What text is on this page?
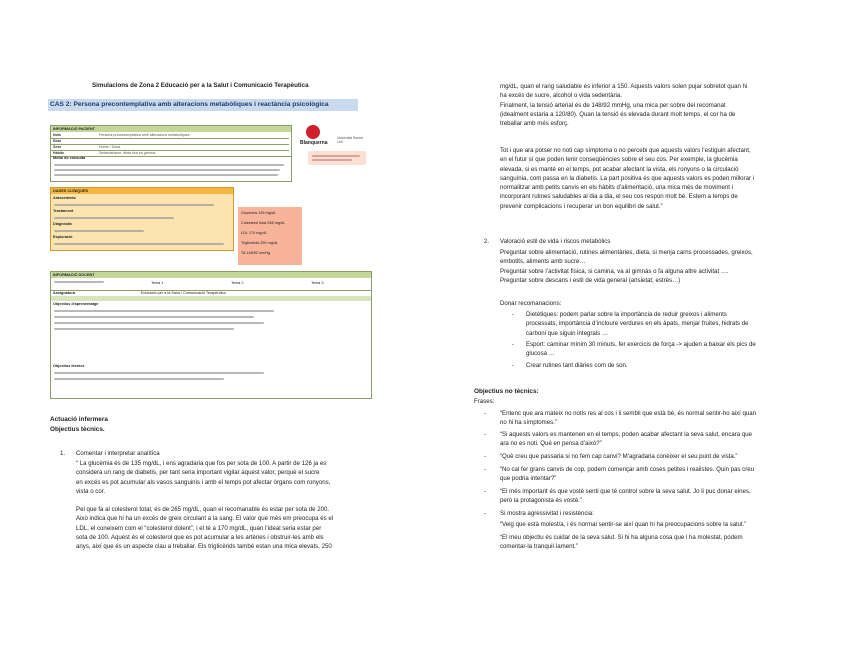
Simulacions de Zona 2 Educació per a la Salut i Comunicació Terapèutica
CAS 2: Persona precontemplativa amb alteracions metabòliques i reactància psicològica
INFORMACIÓ PACIENT
Nom	Persona precontemplativa amb alteracions metabòliques
Edat
Sexe	Home / Dona
Hàbits	Sedentarisme, dieta rica en greixos
Motiu de consulta
Blanquerna
Universitat Ramon Llull
DADES CLÍNIQUES
Antecedents
Tractament
Diagnòstic
Exploració
Glucèmia 135 mg/dL
Colesterol total 265 mg/dL
LDL 170 mg/dL
Triglicèrids 250 mg/dL
TA 148/92 mmHg
INFORMACIÓ DOCENT
Tema 1	Tema 2	Tema 3
Assignatura	Educació per a la Salut i Comunicació Terapèutica
Objectius d'aprenentatge
Objectius tècnics
Actuació infermera
Objectius tècnics.
1. Comentar i interpretar analítica

“ La glucèmia és de 135 mg/dL, i ens agradaria que fos per sota de 100. A partir de 126 ja es

considera un rang de diabetis, per tant seria important vigilar aquest valor, perquè el sucre

en excés es pot acumular als vasos sanguinis i amb el temps pot afectar òrgans com ronyons,

vista o cor.

Pel que fa al colesterol total, és de 265 mg/dL, quan el recomanable és estar per sota de 200.

Això indica que hi ha un excés de greix circulant a la sang. El valor que més em preocupa és el

LDL, el coneixem com el “colesterol dolent”, i el té a 170 mg/dL, quan l’ideal seria estar per

sota de 100. Aquest és el colesterol que es pot acumular a les artèries i obstruir-les amb els

anys, així que és un aspecte clau a treballar. Els triglicèrids també estan una mica elevats, 250

mg/dL, quan el rang saludable és inferior a 150. Aquests valors solen pujar sobretot quan hi

ha excés de sucre, alcohol o vida sedentària.

Finalment, la tensió arterial és de 148/92 mmHg, una mica per sobre del recomanat

(idealment estaria a 120/80). Quan la tensió és elevada durant molt temps, el cor ha de

treballar amb més esforç.

Tot i que ara potser no noti cap símptoma o no percebi que aquests valors l’estiguin afectant,

en el futur sí que poden tenir conseqüències sobre el seu cos. Per exemple, la glucèmia

elevada, si es manté en el temps, pot acabar afectant la vista, els ronyons o la circulació

sanguínia, com passa en la diabetis. La part positiva és que aquests valors es poden millorar i

normalitzar amb petits canvis en els hàbits d’alimentació, una mica més de moviment i

incorporant rutines saludables al dia a dia, el seu cos respon molt bé. Estem a temps de

prevenir complicacions i recuperar un bon equilibri de salut.”

2. Valoració estil de vida i riscos metabòlics

Preguntar sobre alimentació, rutines alimentàries, dieta, si menja carns processades, greixos,

embotits, aliments amb sucre…

Preguntar sobre l’activitat física, si camina, va al gimnàs o fa alguna altre activitat ….

Preguntar sobre descans i estil de vida general (ansietat, estrès…)

Donar recomanacions:
- Dietètiques: podem parlar sobre la importància de reduir greixos i aliments

processats, importància d’incloure verdures en els àpats, menjar fruites, hidrats de

carboni que siguin integrals …

- Esport: caminar mínim 30 minuts, fer exercicis de força -> ajuden a baixar els pics de

glucosa …

- Crear rutines tant diàries com de son.

Objectius no tècnics:
Frases:
- “Entenc que ara mateix no notis res al cos i li sembli que està bé, és normal sentir-ho així quan

no hi ha símptomes.”

- “Si aquests valors es mantenen en el temps, poden acabar afectant la seva salut, encara que

ara no es noti. Què en pensa d’això?”

- “Què creu que passaria si no fem cap canvi? M’agradaria conèixer el seu punt de vista.”

- “No cal fer grans canvis de cop, podem començar amb coses petites i realistes. Quin pas creu

que podria intentar?”

- “El més important és que vostè senti que té control sobre la seva salut. Jo li puc donar eines,

però la protagonista és vostè.”

- Si mostra agressivitat i resistència:

“Veig que està molest/a, i és normal sentir-se així quan hi ha preocupacions sobre la salut.”

“El meu objectiu és cuidar de la seva salut. Si hi ha alguna cosa que l ha molestat, podem

comentar-la tranquil·lament.”
